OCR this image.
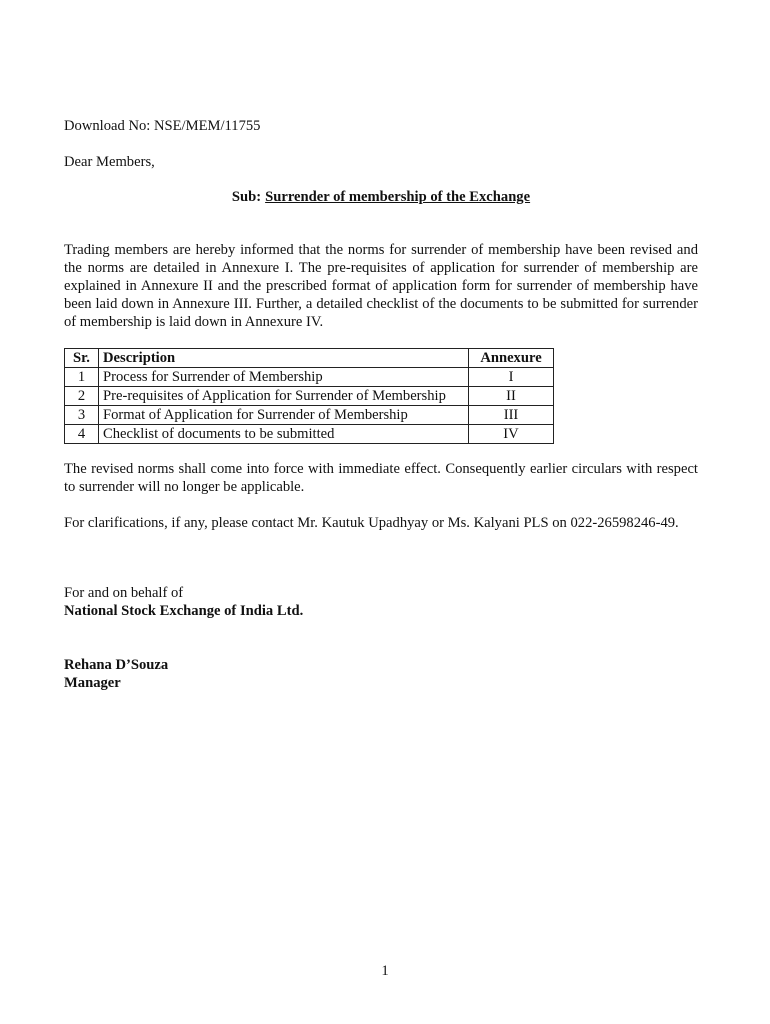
Download No: NSE/MEM/11755
Dear Members,
Sub: Surrender of membership of the Exchange

Trading members are hereby informed that the norms for surrender of membership have been revised and the norms are detailed in Annexure I. The pre-requisites of application for surrender of membership are explained in Annexure II and the prescribed format of application form for surrender of membership have been laid down in Annexure III. Further, a detailed checklist of the documents to be submitted for surrender of membership is laid down in Annexure IV.

Sr.	Description	Annexure
1	Process for Surrender of Membership	I
2	Pre-requisites of Application for Surrender of Membership	II
3	Format of Application for Surrender of Membership	III
4	Checklist of documents to be submitted	IV

The revised norms shall come into force with immediate effect. Consequently earlier circulars with respect to surrender will no longer be applicable.

For clarifications, if any, please contact Mr. Kautuk Upadhyay or Ms. Kalyani PLS on 022-26598246-49.

For and on behalf of
National Stock Exchange of India Ltd.
Rehana D’Souza
Manager
1
